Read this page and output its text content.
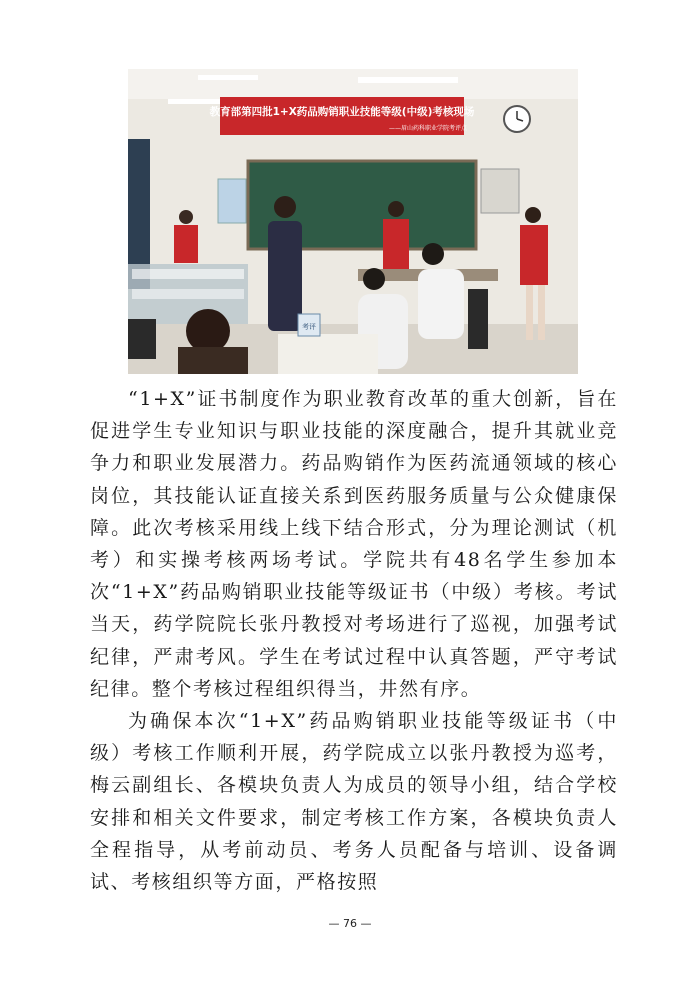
教育部第四批1+X药品购销职业技能等级(中级)考核现场
——眉山药科职业学院考评点
考评

“1+X”证书制度作为职业教育改革的重大创新，旨在促进学生专业知识与职业技能的深度融合，提升其就业竞争力和职业发展潜力。药品购销作为医药流通领域的核心岗位，其技能认证直接关系到医药服务质量与公众健康保障。此次考核采用线上线下结合形式，分为理论测试（机考）和实操考核两场考试。学院共有48名学生参加本次“1+X”药品购销职业技能等级证书（中级）考核。考试当天，药学院院长张丹教授对考场进行了巡视，加强考试纪律，严肃考风。学生在考试过程中认真答题，严守考试纪律。整个考核过程组织得当，井然有序。

为确保本次“1+X”药品购销职业技能等级证书（中级）考核工作顺利开展，药学院成立以张丹教授为巡考，梅云副组长、各模块负责人为成员的领导小组，结合学校安排和相关文件要求，制定考核工作方案，各模块负责人全程指导，从考前动员、考务人员配备与培训、设备调试、考核组织等方面，严格按照

— 76 —
